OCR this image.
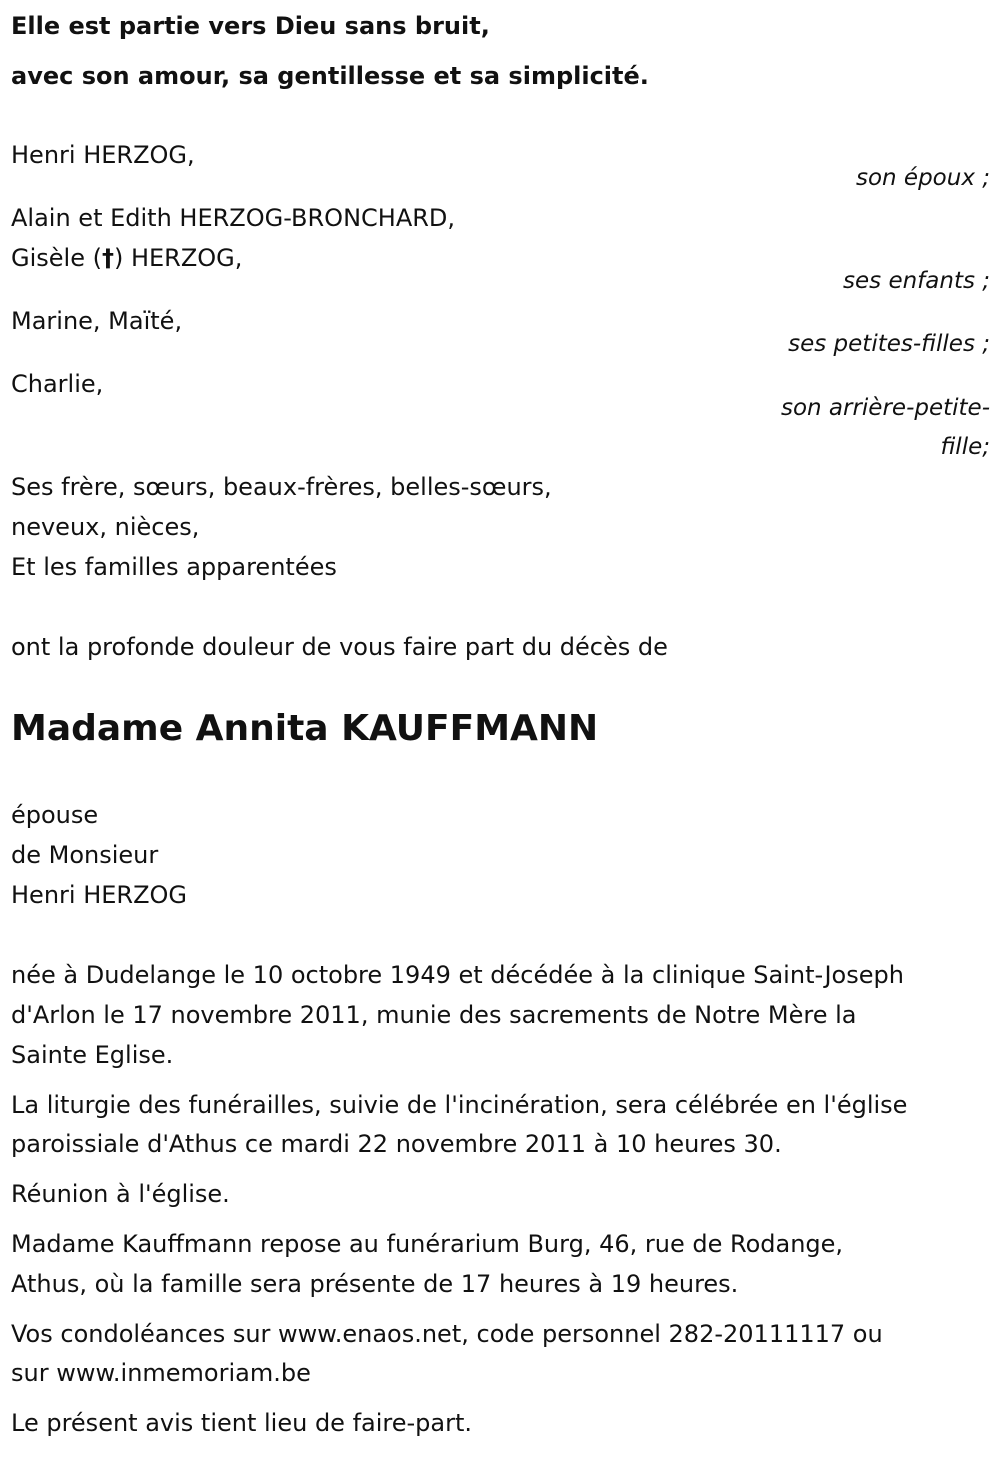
Elle est partie vers Dieu sans bruit,

avec son amour, sa gentillesse et sa simplicité.

Henri HERZOG,

son époux ;

Alain et Edith HERZOG-BRONCHARD,

Gisèle (†) HERZOG,

ses enfants ;

Marine, Maïté,

ses petites-filles ;

Charlie,

son arrière-petite-

fille;

Ses frère, sœurs, beaux-frères, belles-sœurs,

neveux, nièces,

Et les familles apparentées

ont la profonde douleur de vous faire part du décès de

Madame Annita KAUFFMANN

épouse

de Monsieur

Henri HERZOG

née à Dudelange le 10 octobre 1949 et décédée à la clinique Saint-Joseph

d'Arlon le 17 novembre 2011, munie des sacrements de Notre Mère la

Sainte Eglise.

La liturgie des funérailles, suivie de l'incinération, sera célébrée en l'église

paroissiale d'Athus ce mardi 22 novembre 2011 à 10 heures 30.

Réunion à l'église.

Madame Kauffmann repose au funérarium Burg, 46, rue de Rodange,

Athus, où la famille sera présente de 17 heures à 19 heures.

Vos condoléances sur www.enaos.net, code personnel 282-20111117 ou

sur www.inmemoriam.be

Le présent avis tient lieu de faire-part.
